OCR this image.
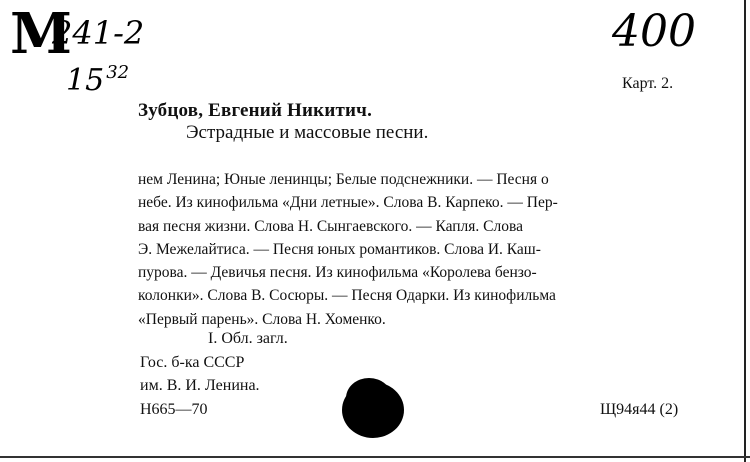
М
241-2
15 $^{32}$
400
Карт. 2.
Зубцов, Евгений Никитич.
Эстрадные и массовые песни.
нем Ленина; Юные ленинцы; Белые подснежники. — Песня о
небе. Из кинофильма «Дни летные». Слова В. Карпеко. — Пер-
вая песня жизни. Слова Н. Сынгаевского. — Капля. Слова
Э. Межелайтиса. — Песня юных романтиков. Слова И. Каш-
пурова. — Девичья песня. Из кинофильма «Королева бензо-
колонки». Слова В. Сосюры. — Песня Одарки. Из кинофильма
«Первый парень». Слова Н. Хоменко.
I. Обл. загл.
Гос. б-ка СССР
им. В. И. Ленина.
Н665—70	Щ94я44 (2)
